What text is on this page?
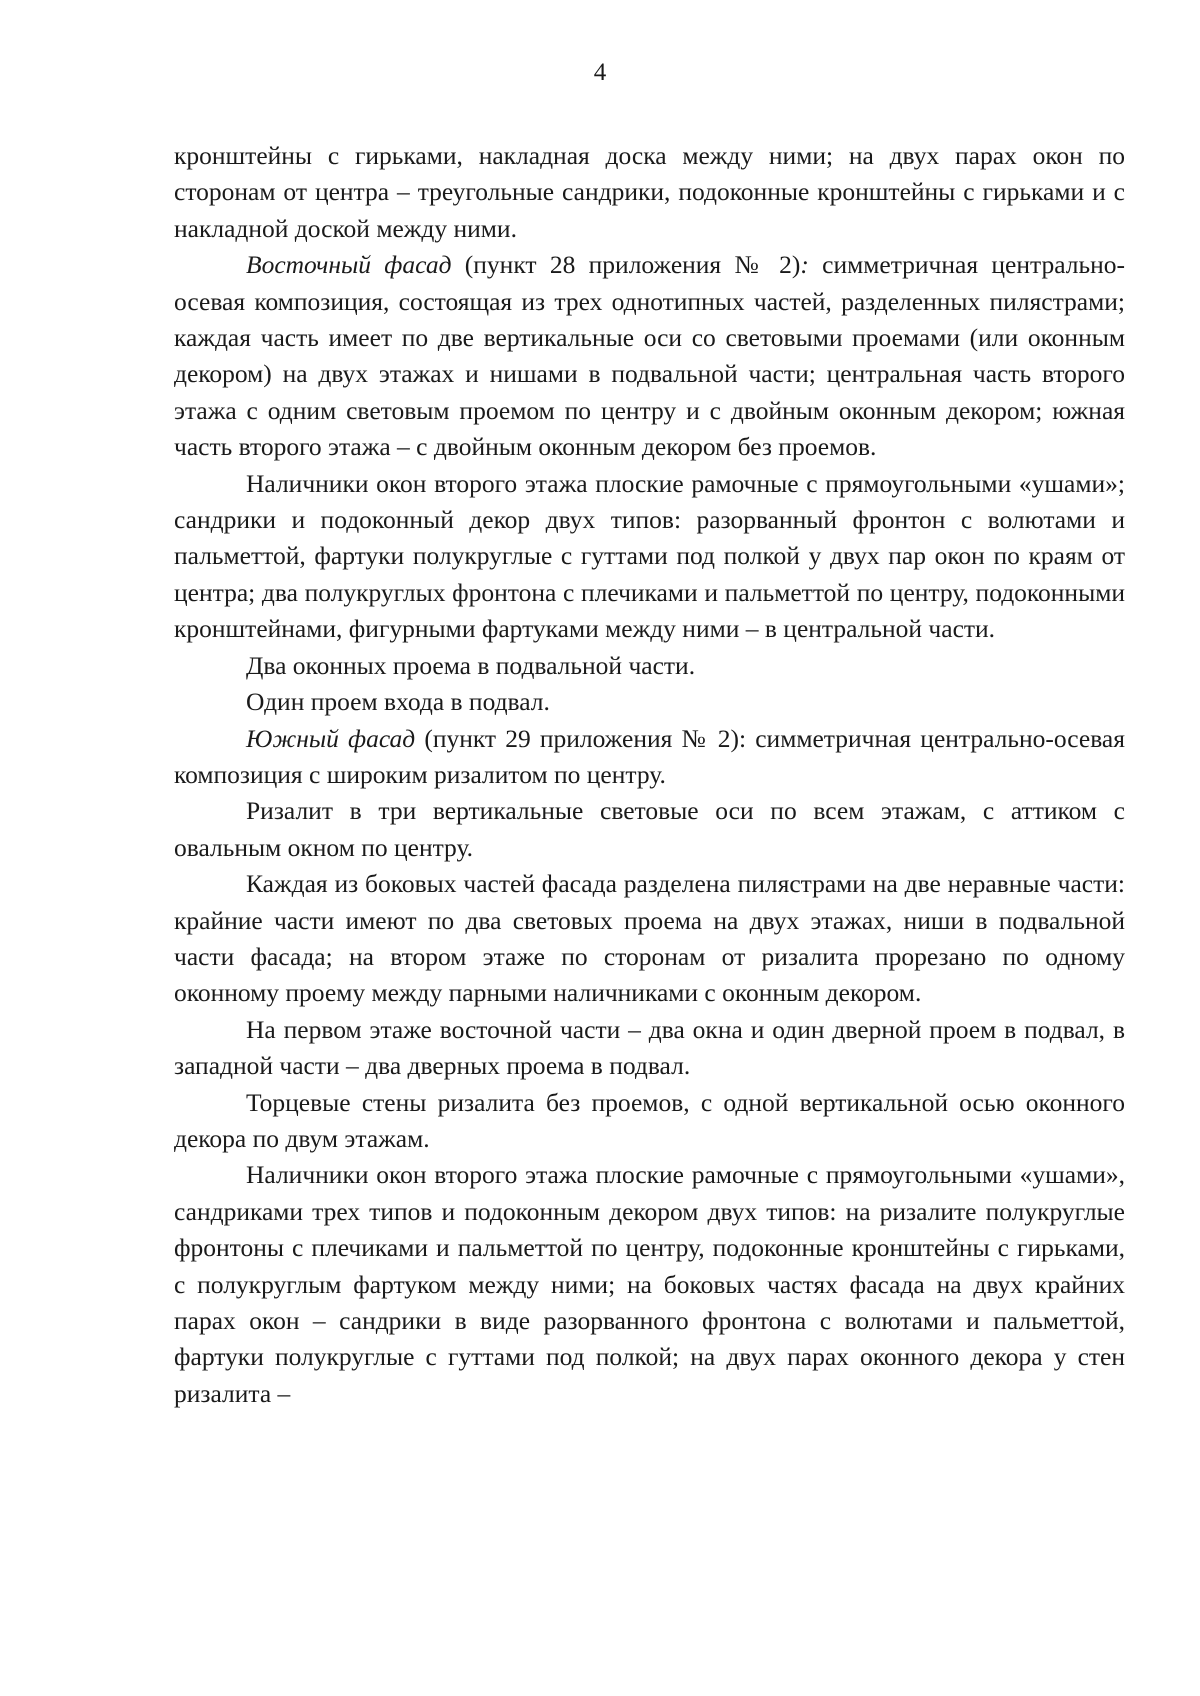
4

кронштейны с гирьками, накладная доска между ними; на двух парах окон по сторонам от центра – треугольные сандрики, подоконные кронштейны с гирьками и с накладной доской между ними.

Восточный фасад (пункт 28 приложения № 2): симметричная центрально-осевая композиция, состоящая из трех однотипных частей, разделенных пилястрами; каждая часть имеет по две вертикальные оси со световыми проемами (или оконным декором) на двух этажах и нишами в подвальной части; центральная часть второго этажа с одним световым проемом по центру и с двойным оконным декором; южная часть второго этажа – с двойным оконным декором без проемов.

Наличники окон второго этажа плоские рамочные с прямоугольными «ушами»; сандрики и подоконный декор двух типов: разорванный фронтон с волютами и пальметтой, фартуки полукруглые с гуттами под полкой у двух пар окон по краям от центра; два полукруглых фронтона с плечиками и пальметтой по центру, подоконными кронштейнами, фигурными фартуками между ними – в центральной части.

Два оконных проема в подвальной части.

Один проем входа в подвал.

Южный фасад (пункт 29 приложения № 2): симметричная центрально-осевая композиция с широким ризалитом по центру.

Ризалит в три вертикальные световые оси по всем этажам, с аттиком с овальным окном по центру.

Каждая из боковых частей фасада разделена пилястрами на две неравные части: крайние части имеют по два световых проема на двух этажах, ниши в подвальной части фасада; на втором этаже по сторонам от ризалита прорезано по одному оконному проему между парными наличниками с оконным декором.

На первом этаже восточной части – два окна и один дверной проем в подвал, в западной части – два дверных проема в подвал.

Торцевые стены ризалита без проемов, с одной вертикальной осью оконного декора по двум этажам.

Наличники окон второго этажа плоские рамочные с прямоугольными «ушами», сандриками трех типов и подоконным декором двух типов: на ризалите полукруглые фронтоны с плечиками и пальметтой по центру, подоконные кронштейны с гирьками, с полукруглым фартуком между ними; на боковых частях фасада на двух крайних парах окон – сандрики в виде разорванного фронтона с волютами и пальметтой, фартуки полукруглые с гуттами под полкой; на двух парах оконного декора у стен ризалита –
